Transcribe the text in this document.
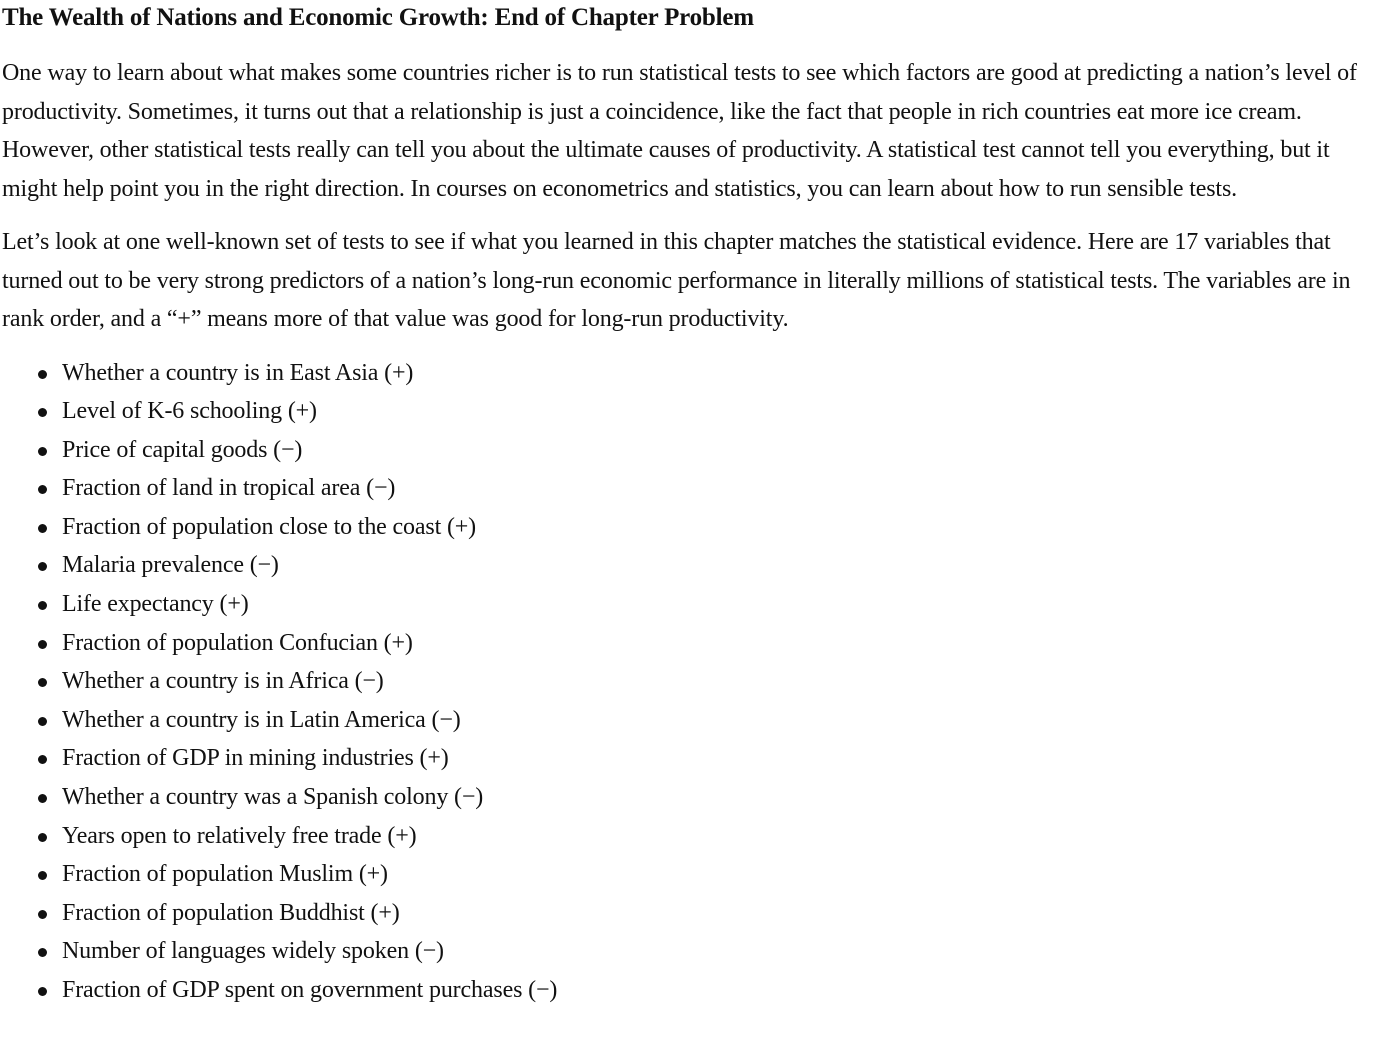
The Wealth of Nations and Economic Growth: End of Chapter Problem

One way to learn about what makes some countries richer is to run statistical tests to see which factors are good at predicting a nation’s level of productivity. Sometimes, it turns out that a relationship is just a coincidence, like the fact that people in rich countries eat more ice cream. However, other statistical tests really can tell you about the ultimate causes of productivity. A statistical test cannot tell you everything, but it might help point you in the right direction. In courses on econometrics and statistics, you can learn about how to run sensible tests.

Let’s look at one well-known set of tests to see if what you learned in this chapter matches the statistical evidence. Here are 17 variables that turned out to be very strong predictors of a nation’s long-run economic performance in literally millions of statistical tests. The variables are in rank order, and a “+” means more of that value was good for long-run productivity.

Whether a country is in East Asia (+)
Level of K-6 schooling (+)
Price of capital goods (−)
Fraction of land in tropical area (−)
Fraction of population close to the coast (+)
Malaria prevalence (−)
Life expectancy (+)
Fraction of population Confucian (+)
Whether a country is in Africa (−)
Whether a country is in Latin America (−)
Fraction of GDP in mining industries (+)
Whether a country was a Spanish colony (−)
Years open to relatively free trade (+)
Fraction of population Muslim (+)
Fraction of population Buddhist (+)
Number of languages widely spoken (−)
Fraction of GDP spent on government purchases (−)
